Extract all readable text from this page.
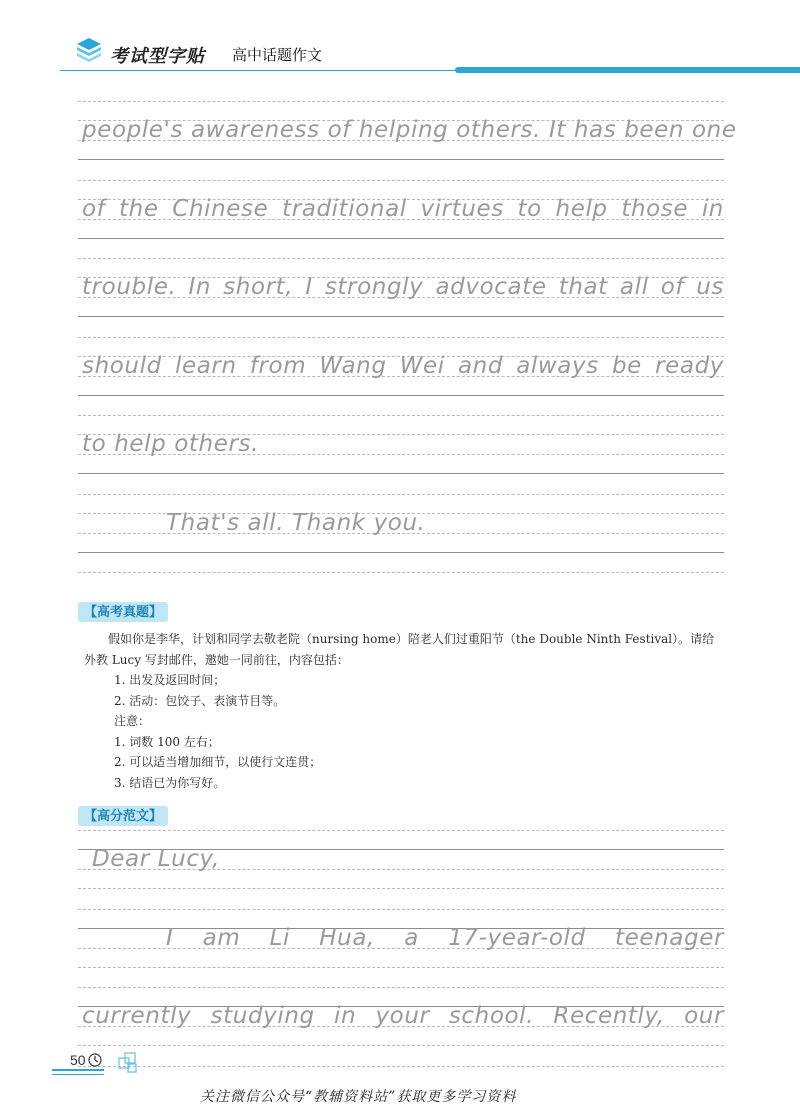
考试型字贴 高中话题作文
people's awareness of helping others. It has been one
of the Chinese traditional virtues to help those in
trouble. In short, I strongly advocate that all of us
should learn from Wang Wei and always be ready
to help others.
That's all. Thank you.
【高考真题】

假如你是李华，计划和同学去敬老院（nursing home）陪老人们过重阳节（the Double Ninth Festival）。请给外教 Lucy 写封邮件，邀她一同前往，内容包括：

1. 出发及返回时间；

2. 活动：包饺子、表演节目等。

注意：

1. 词数 100 左右；

2. 可以适当增加细节，以使行文连贯；

3. 结语已为你写好。

【高分范文】
Dear Lucy,
I am Li Hua, a 17-year-old teenager
currently studying in your school. Recently, our
50
关注微信公众号“教辅资料站”获取更多学习资料
